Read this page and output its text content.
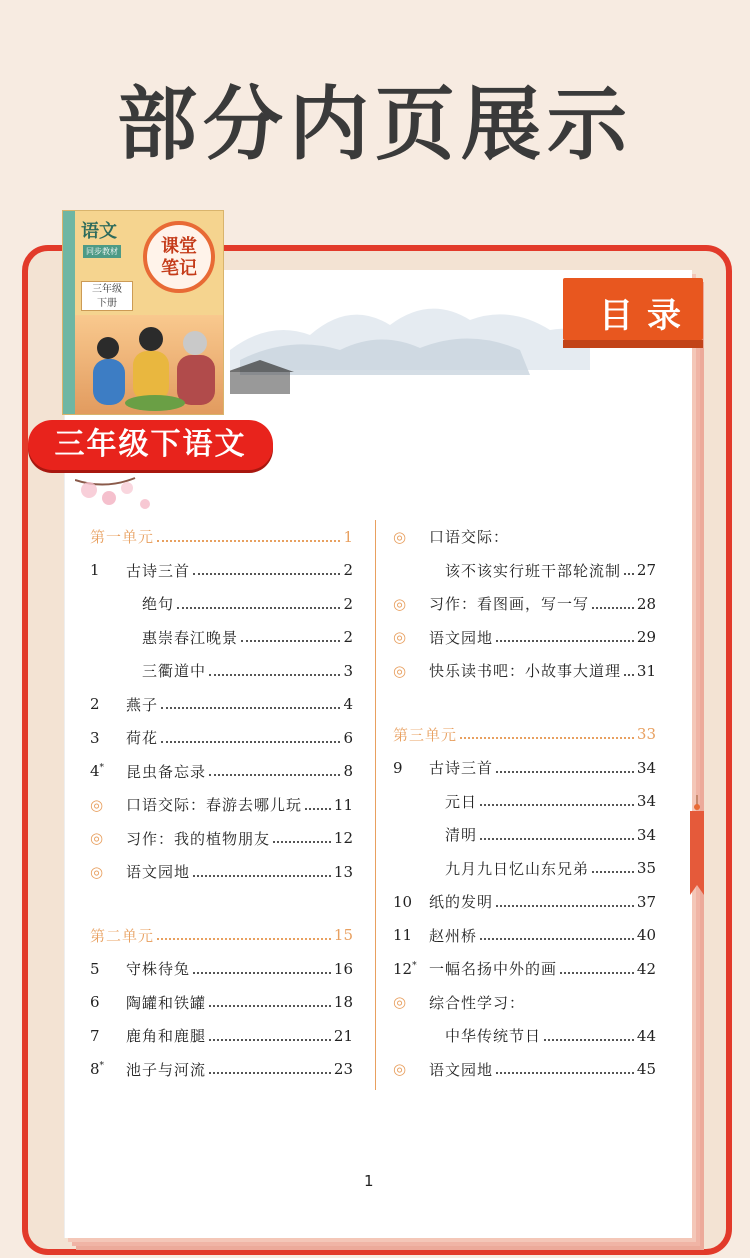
部分内页展示
目录
语文
同步教材	课堂
笔记
三年级
下册
三年级下语文
第一单元	1
1	古诗三首	2
绝句	2
惠崇春江晚景	2
三衢道中	3
2	燕子	4
3	荷花	6
4*	昆虫备忘录	8
◎	口语交际：春游去哪儿玩 11
◎	习作：我的植物朋友	12
◎	语文园地	13
第二单元	15
5	守株待兔	16
6	陶罐和铁罐	18
7	鹿角和鹿腿	21
8*	池子与河流	23
◎	口语交际：
该不该实行班干部轮流制 27
◎	习作：看图画，写一写	28
◎	语文园地	29
◎	快乐读书吧：小故事大道理 31
第三单元	33
9	古诗三首	34
元日	34
清明	34
九月九日忆山东兄弟	35
10	纸的发明	37
11	赵州桥	40
12* 一幅名扬中外的画	42
◎	综合性学习：
中华传统节日	44
◎	语文园地	45
1
